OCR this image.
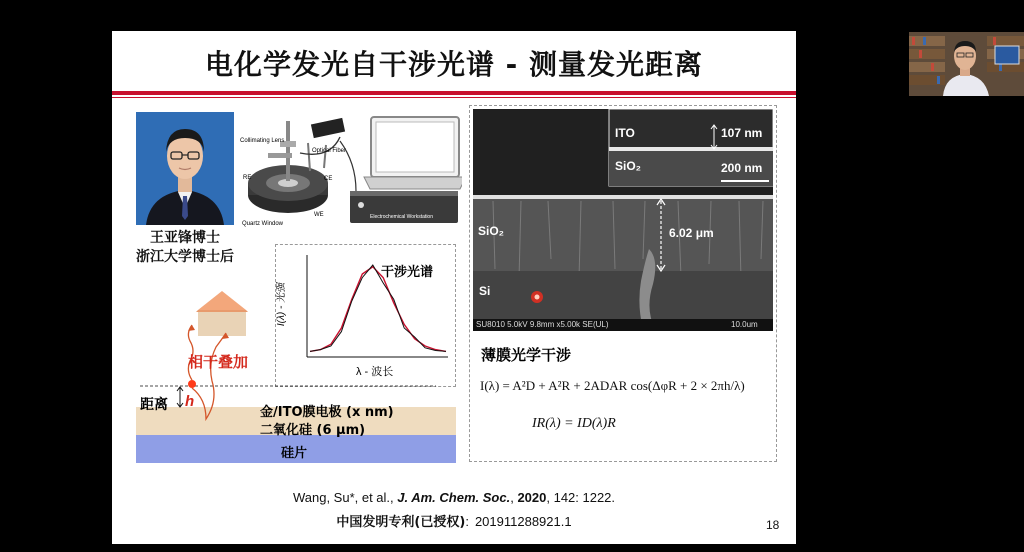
电化学发光自干涉光谱 - 测量发光距离
王亚锋博士
浙江大学博士后
Collimating Lens
Optical Fiber
RE	CE
WE
Quartz Window
Electrochemical Workstation
干涉光谱
I(λ) - 光强
λ - 波长
相干叠加
距离 h
金/ITO膜电极 (x nm)
二氧化硅 (6 μm)
硅片
ITO	107 nm
SiO₂	200 nm
SiO₂	6.02 μm
Si
SU8010 5.0kV 9.8mm x5.00k SE(UL)	10.0um
薄膜光学干涉
I(λ) = A²D + A²R + 2ADAR cos(ΔφR + 2 × 2πh/λ)
IR(λ) = ID(λ)R
Wang, Su*, et al., J. Am. Chem. Soc., 2020, 142: 1222.
中国发明专利(已授权): 201911288921.1	18
